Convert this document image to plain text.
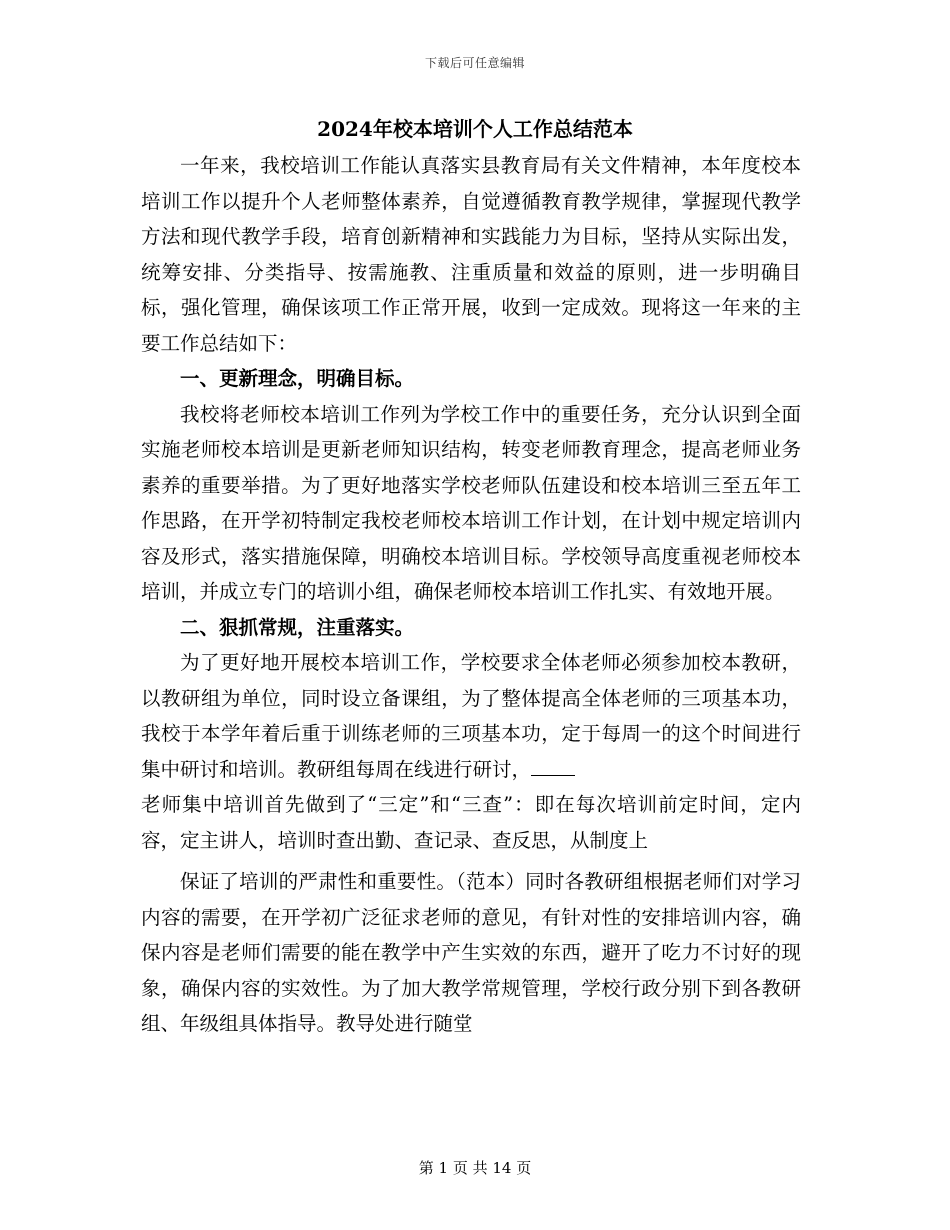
下载后可任意编辑
2024年校本培训个人工作总结范本

一年来，我校培训工作能认真落实县教育局有关文件精神，本年度校本培训工作以提升个人老师整体素养，自觉遵循教育教学规律，掌握现代教学方法和现代教学手段，培育创新精神和实践能力为目标，坚持从实际出发，统筹安排、分类指导、按需施教、注重质量和效益的原则，进一步明确目标，强化管理，确保该项工作正常开展，收到一定成效。现将这一年来的主要工作总结如下：

一、更新理念，明确目标。

我校将老师校本培训工作列为学校工作中的重要任务，充分认识到全面实施老师校本培训是更新老师知识结构，转变老师教育理念，提高老师业务素养的重要举措。为了更好地落实学校老师队伍建设和校本培训三至五年工作思路，在开学初特制定我校老师校本培训工作计划，在计划中规定培训内容及形式，落实措施保障，明确校本培训目标。学校领导高度重视老师校本培训，并成立专门的培训小组，确保老师校本培训工作扎实、有效地开展。

二、狠抓常规，注重落实。

为了更好地开展校本培训工作，学校要求全体老师必须参加校本教研，以教研组为单位，同时设立备课组，为了整体提高全体老师的三项基本功，我校于本学年着后重于训练老师的三项基本功，定于每周一的这个时间进行集中研讨和培训。教研组每周在线进行研讨，

老师集中培训首先做到了“三定”和“三查”：即在每次培训前定时间，定内容，定主讲人，培训时查出勤、查记录、查反思，从制度上

保证了培训的严肃性和重要性。（范本）同时各教研组根据老师们对学习内容的需要，在开学初广泛征求老师的意见，有针对性的安排培训内容，确保内容是老师们需要的能在教学中产生实效的东西，避开了吃力不讨好的现象，确保内容的实效性。为了加大教学常规管理，学校行政分别下到各教研组、年级组具体指导。教导处进行随堂

第 1 页 共 14 页
